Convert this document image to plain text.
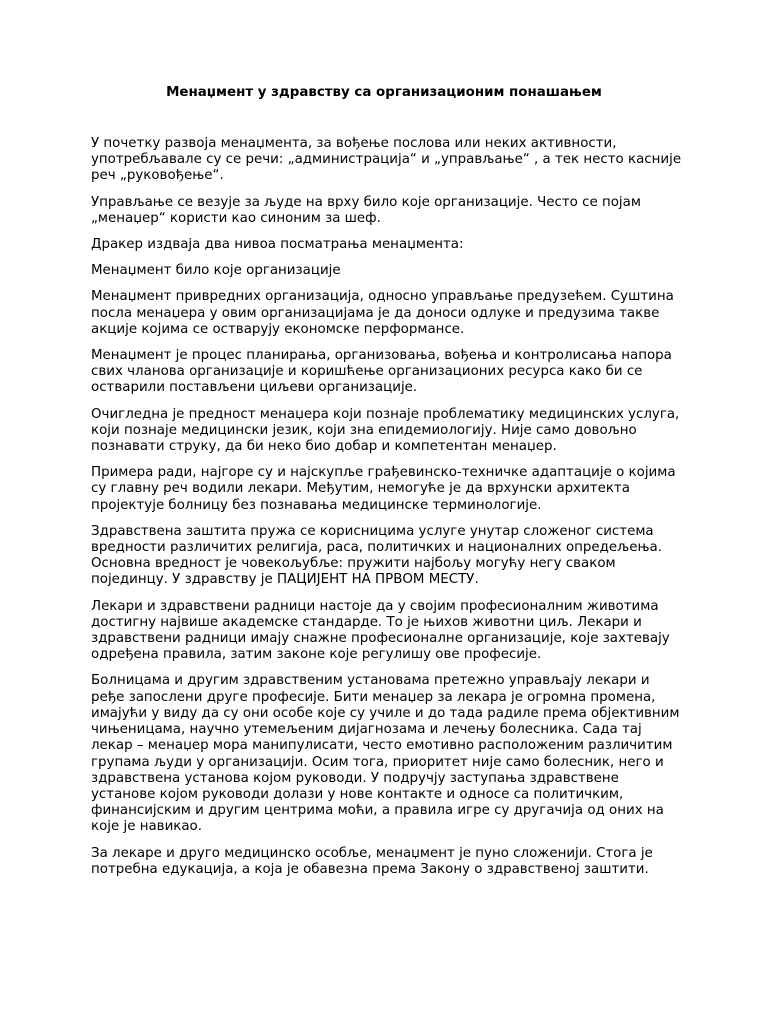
Менаџмент у здравству са организационим понашањем

У почетку развоја менаџмента, за вођење послова или неких активности, употребљавале су се речи: „администрација“ и „управљање“ , а тек несто касније реч „руковођење“.

Управљање се везује за људе на врху било које организације. Често се појам „менаџер“ користи као синоним за шеф.

Дракер издваја два нивоа посматрања менаџмента:

Менаџмент било које организације

Менаџмент привредних организација, односно управљање предузећем. Суштина посла менаџера у овим организацијама је да доноси одлуке и предузима такве акције којима се остварују економске перформансе.

Менаџмент је процес планирања, организовања, вођења и контролисања напора свих чланова организације и коришћење организационих ресурса како би се остварили постављени циљеви организације.

Очигледна је предност менаџера који познаје проблематику медицинских услуга, који познаје медицински језик, који зна епидемиологију. Није само довољно познавати струку, да би неко био добар и компетентан менаџер.

Примера ради, најгоре су и најскупље грађевинско-техничке адаптације о којима су главну реч водили лекари. Међутим, немогуће је да врхунски архитекта пројектује болницу без познавања медицинске терминологије.

Здравствена заштита пружа се корисницима услуге унутар сложеног система вредности различитих религија, раса, политичких и националних опредељења. Основна вредност је човекољубље: пружити најбољу могућу негу сваком појединцу. У здравству је ПАЦИЈЕНТ НА ПРВОМ МЕСТУ.

Лекари и здравствени радници настоје да у својим професионалним животима достигну највише академске стандарде. То је њихов животни циљ. Лекари и здравствени радници имају снажне професионалне организације, које захтевају одређена правила, затим законе које регулишу ове професије.

Болницама и другим здравственим установама претежно управљају лекари и ређе запослени друге професије. Бити менаџер за лекара је огромна промена, имајући у виду да су они особе које су училе и до тада радиле према објективним чињеницама, научно утемељеним дијагнозама и лечењу болесника. Сада тај лекар – менаџер мора манипулисати, често емотивно расположеним различитим групама људи у организацији. Осим тога, приоритет није само болесник, него и здравствена установа којом руководи. У подручју заступања здравствене установе којом руководи долази у нове контакте и односе са политичким, финансијским и другим центрима моћи, а правила игре су другачија од оних на које је навикао.

За лекаре и друго медицинско особље, менаџмент је пуно сложенији. Стога је потребна едукација, а која је обавезна према Закону о здравственој заштити.
